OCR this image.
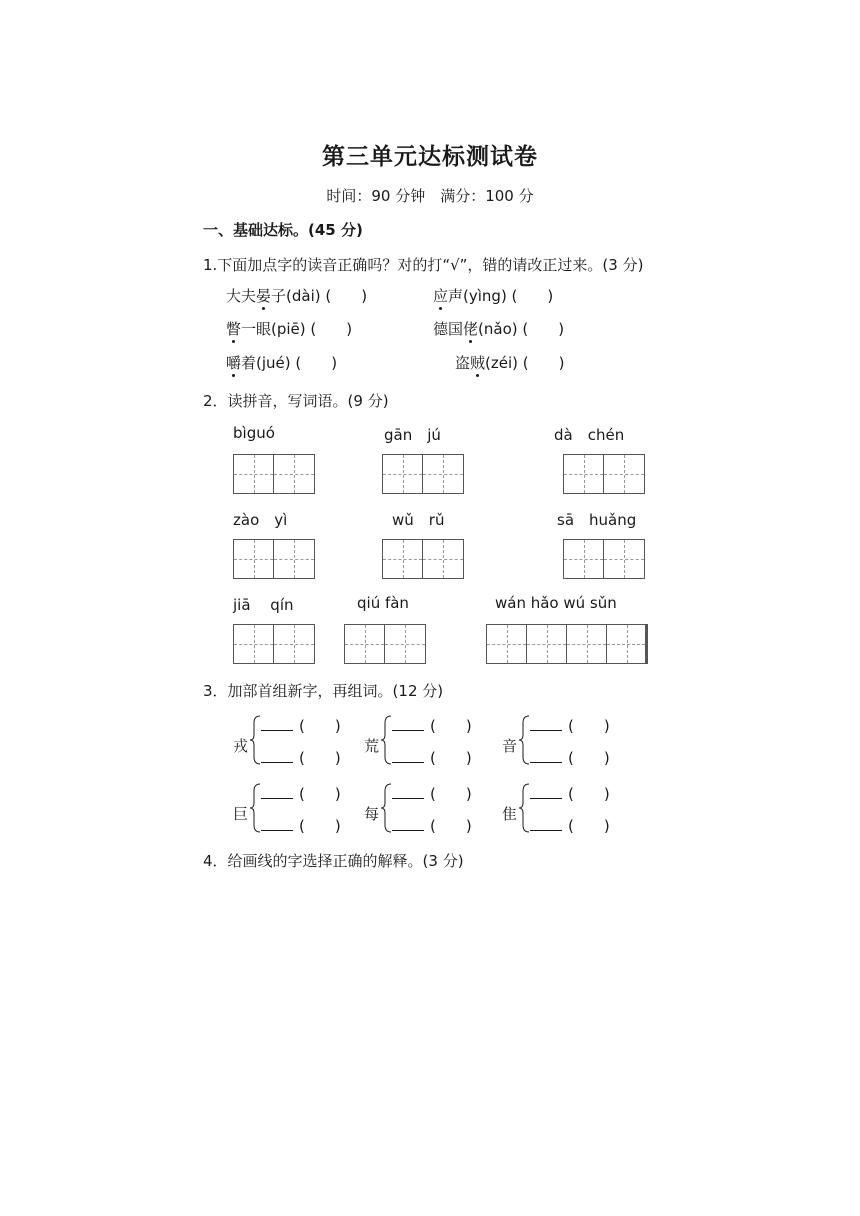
第三单元达标测试卷
时间：90 分钟　满分：100 分
一、基础达标。(45 分)
1.下面加点字的读音正确吗？对的打“√”，错的请改正过来。(3 分)
大夫晏子(dài) (　　)	应声(yìng) (　　)
瞥一眼(piē) (　　)	德国佬(nǎo) (　　)
嚼着(jué) (　　)	盗贼(zéi) (　　)
2．读拼音，写词语。(9 分)
bìguó	gān　jú	dà　chén
zào　yì	wǔ　rǔ	sā　huǎng
jiā　 qín	qiú fàn	wán hǎo wú sǔn
3．加部首组新字，再组词。(12 分)
戎
(　　)
(　　)
荒
(　　)
(　　)
音
(　　)
(　　)
巨
(　　)
(　　)
每
(　　)
(　　)
隹
(　　)
(　　)
4．给画线的字选择正确的解释。(3 分)
